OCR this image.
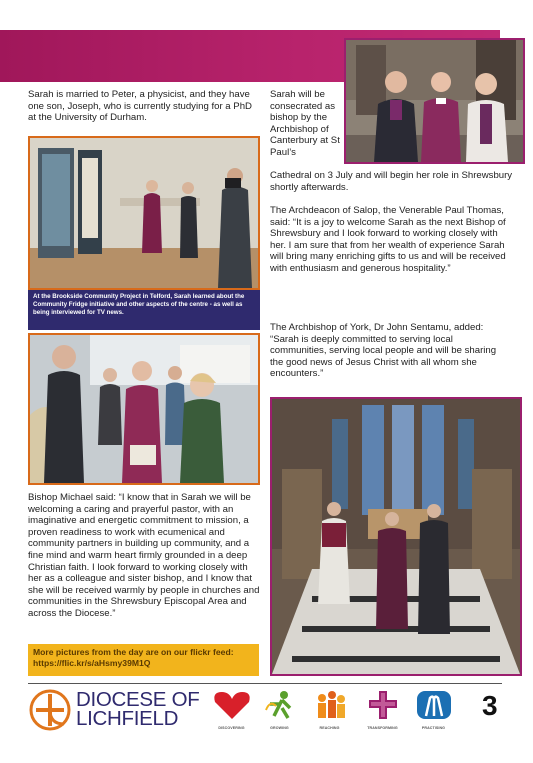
Sarah is married to Peter, a physicist, and they have one son, Joseph, who is currently studying for a PhD at the University of Durham.

At the Brookside Community Project in Telford, Sarah learned about the Community Fridge initiative and other aspects of the centre - as well as being interviewed for TV news.

Bishop Michael said: “I know that in Sarah we will be welcoming a caring and prayerful pastor, with an imaginative and energetic commitment to mission, a proven readiness to work with ecumenical and community partners in building up community, and a fine mind and warm heart firmly grounded in a deep Christian faith. I look forward to working closely with her as a colleague and sister bishop, and I know that she will be received warmly by people in churches and communities in the Shrewsbury Episcopal Area and across the Diocese.”

More pictures from the day are on our flickr feed:
https://flic.kr/s/aHsmy39M1Q

Sarah will be consecrated as bishop by the Archbishop of Canterbury at St Paul’s

Cathedral on 3 July and will begin her role in Shrewsbury shortly afterwards.

The Archdeacon of Salop, the Venerable Paul Thomas, said: “It is a joy to welcome Sarah as the next Bishop of Shrewsbury and I look forward to working closely with her. I am sure that from her wealth of experience Sarah will bring many enriching gifts to us and will be received with enthusiasm and generous hospitality.”

The Archbishop of York, Dr John Sentamu, added: “Sarah is deeply committed to serving local communities, serving local people and will be sharing the good news of Jesus Christ with all whom she encounters.”

DIOCESE OF
LICHFIELD	DISCOVERING	GROWING	REACHING	TRANSFORMING	PRACTISING
3
